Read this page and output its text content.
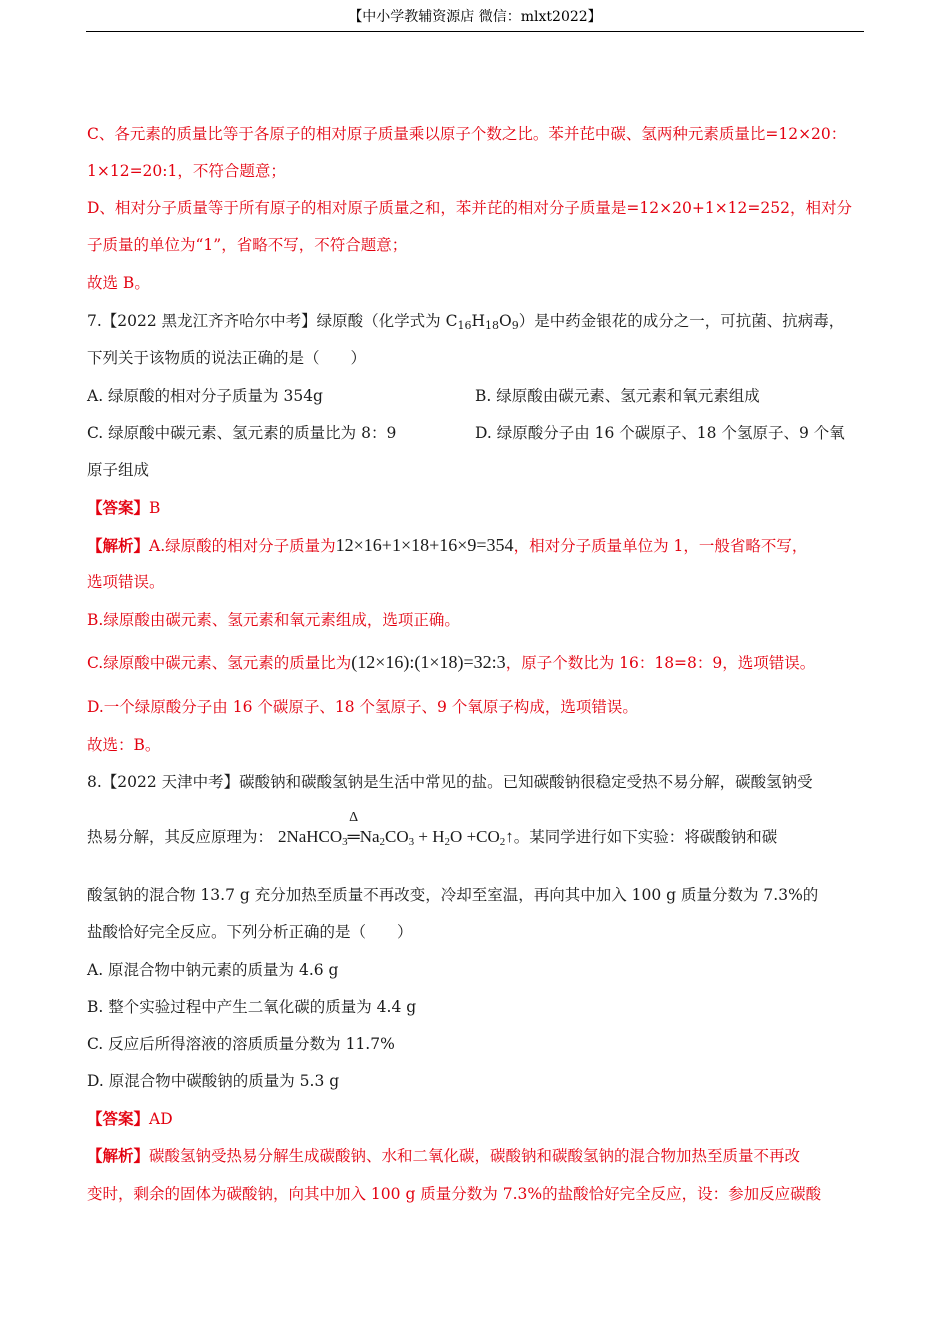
【中小学教辅资源店 微信：mlxt2022】
C、各元素的质量比等于各原子的相对原子质量乘以原子个数之比。苯并芘中碳、氢两种元素质量比=12×20：
1×12=20:1，不符合题意；
D、相对分子质量等于所有原子的相对原子质量之和，苯并芘的相对分子质量是=12×20+1×12=252，相对分
子质量的单位为“1”，省略不写，不符合题意；
故选 B。
7.【2022 黑龙江齐齐哈尔中考】绿原酸（化学式为 $C_{16}H_{18}O_9$）是中药金银花的成分之一，可抗菌、抗病毒，
下列关于该物质的说法正确的是（　　）
A. 绿原酸的相对分子质量为 354g	B. 绿原酸由碳元素、氢元素和氧元素组成
C. 绿原酸中碳元素、氢元素的质量比为 8：9	D. 绿原酸分子由 16 个碳原子、18 个氢原子、9 个氧
原子组成
【答案】B
【解析】A.绿原酸的相对分子质量为12×16+1×18+16×9=354，相对分子质量单位为 1，一般省略不写，
选项错误。
B.绿原酸由碳元素、氢元素和氧元素组成，选项正确。
C.绿原酸中碳元素、氢元素的质量比为(12×16):(1×18)=32:3，原子个数比为 16：18=8：9，选项错误。
D.一个绿原酸分子由 16 个碳原子、18 个氢原子、9 个氧原子构成，选项错误。
故选：B。
8.【2022 天津中考】碳酸钠和碳酸氢钠是生活中常见的盐。已知碳酸钠很稳定受热不易分解，碳酸氢钠受
热易分解，其反应原理为： 2NaHCO$_3$
Δ
$═Na_2CO_3 + H_2O$ $+CO_2↑$。某同学进行如下实验：将碳酸钠和碳
酸氢钠的混合物 13.7 g 充分加热至质量不再改变，冷却至室温，再向其中加入 100 g 质量分数为 7.3%的
盐酸恰好完全反应。下列分析正确的是（　　）
A. 原混合物中钠元素的质量为 4.6 g
B. 整个实验过程中产生二氧化碳的质量为 4.4 g
C. 反应后所得溶液的溶质质量分数为 11.7%
D. 原混合物中碳酸钠的质量为 5.3 g
【答案】AD
【解析】碳酸氢钠受热易分解生成碳酸钠、水和二氧化碳，碳酸钠和碳酸氢钠的混合物加热至质量不再改
变时，剩余的固体为碳酸钠，向其中加入 100 g 质量分数为 7.3%的盐酸恰好完全反应，设：参加反应碳酸
